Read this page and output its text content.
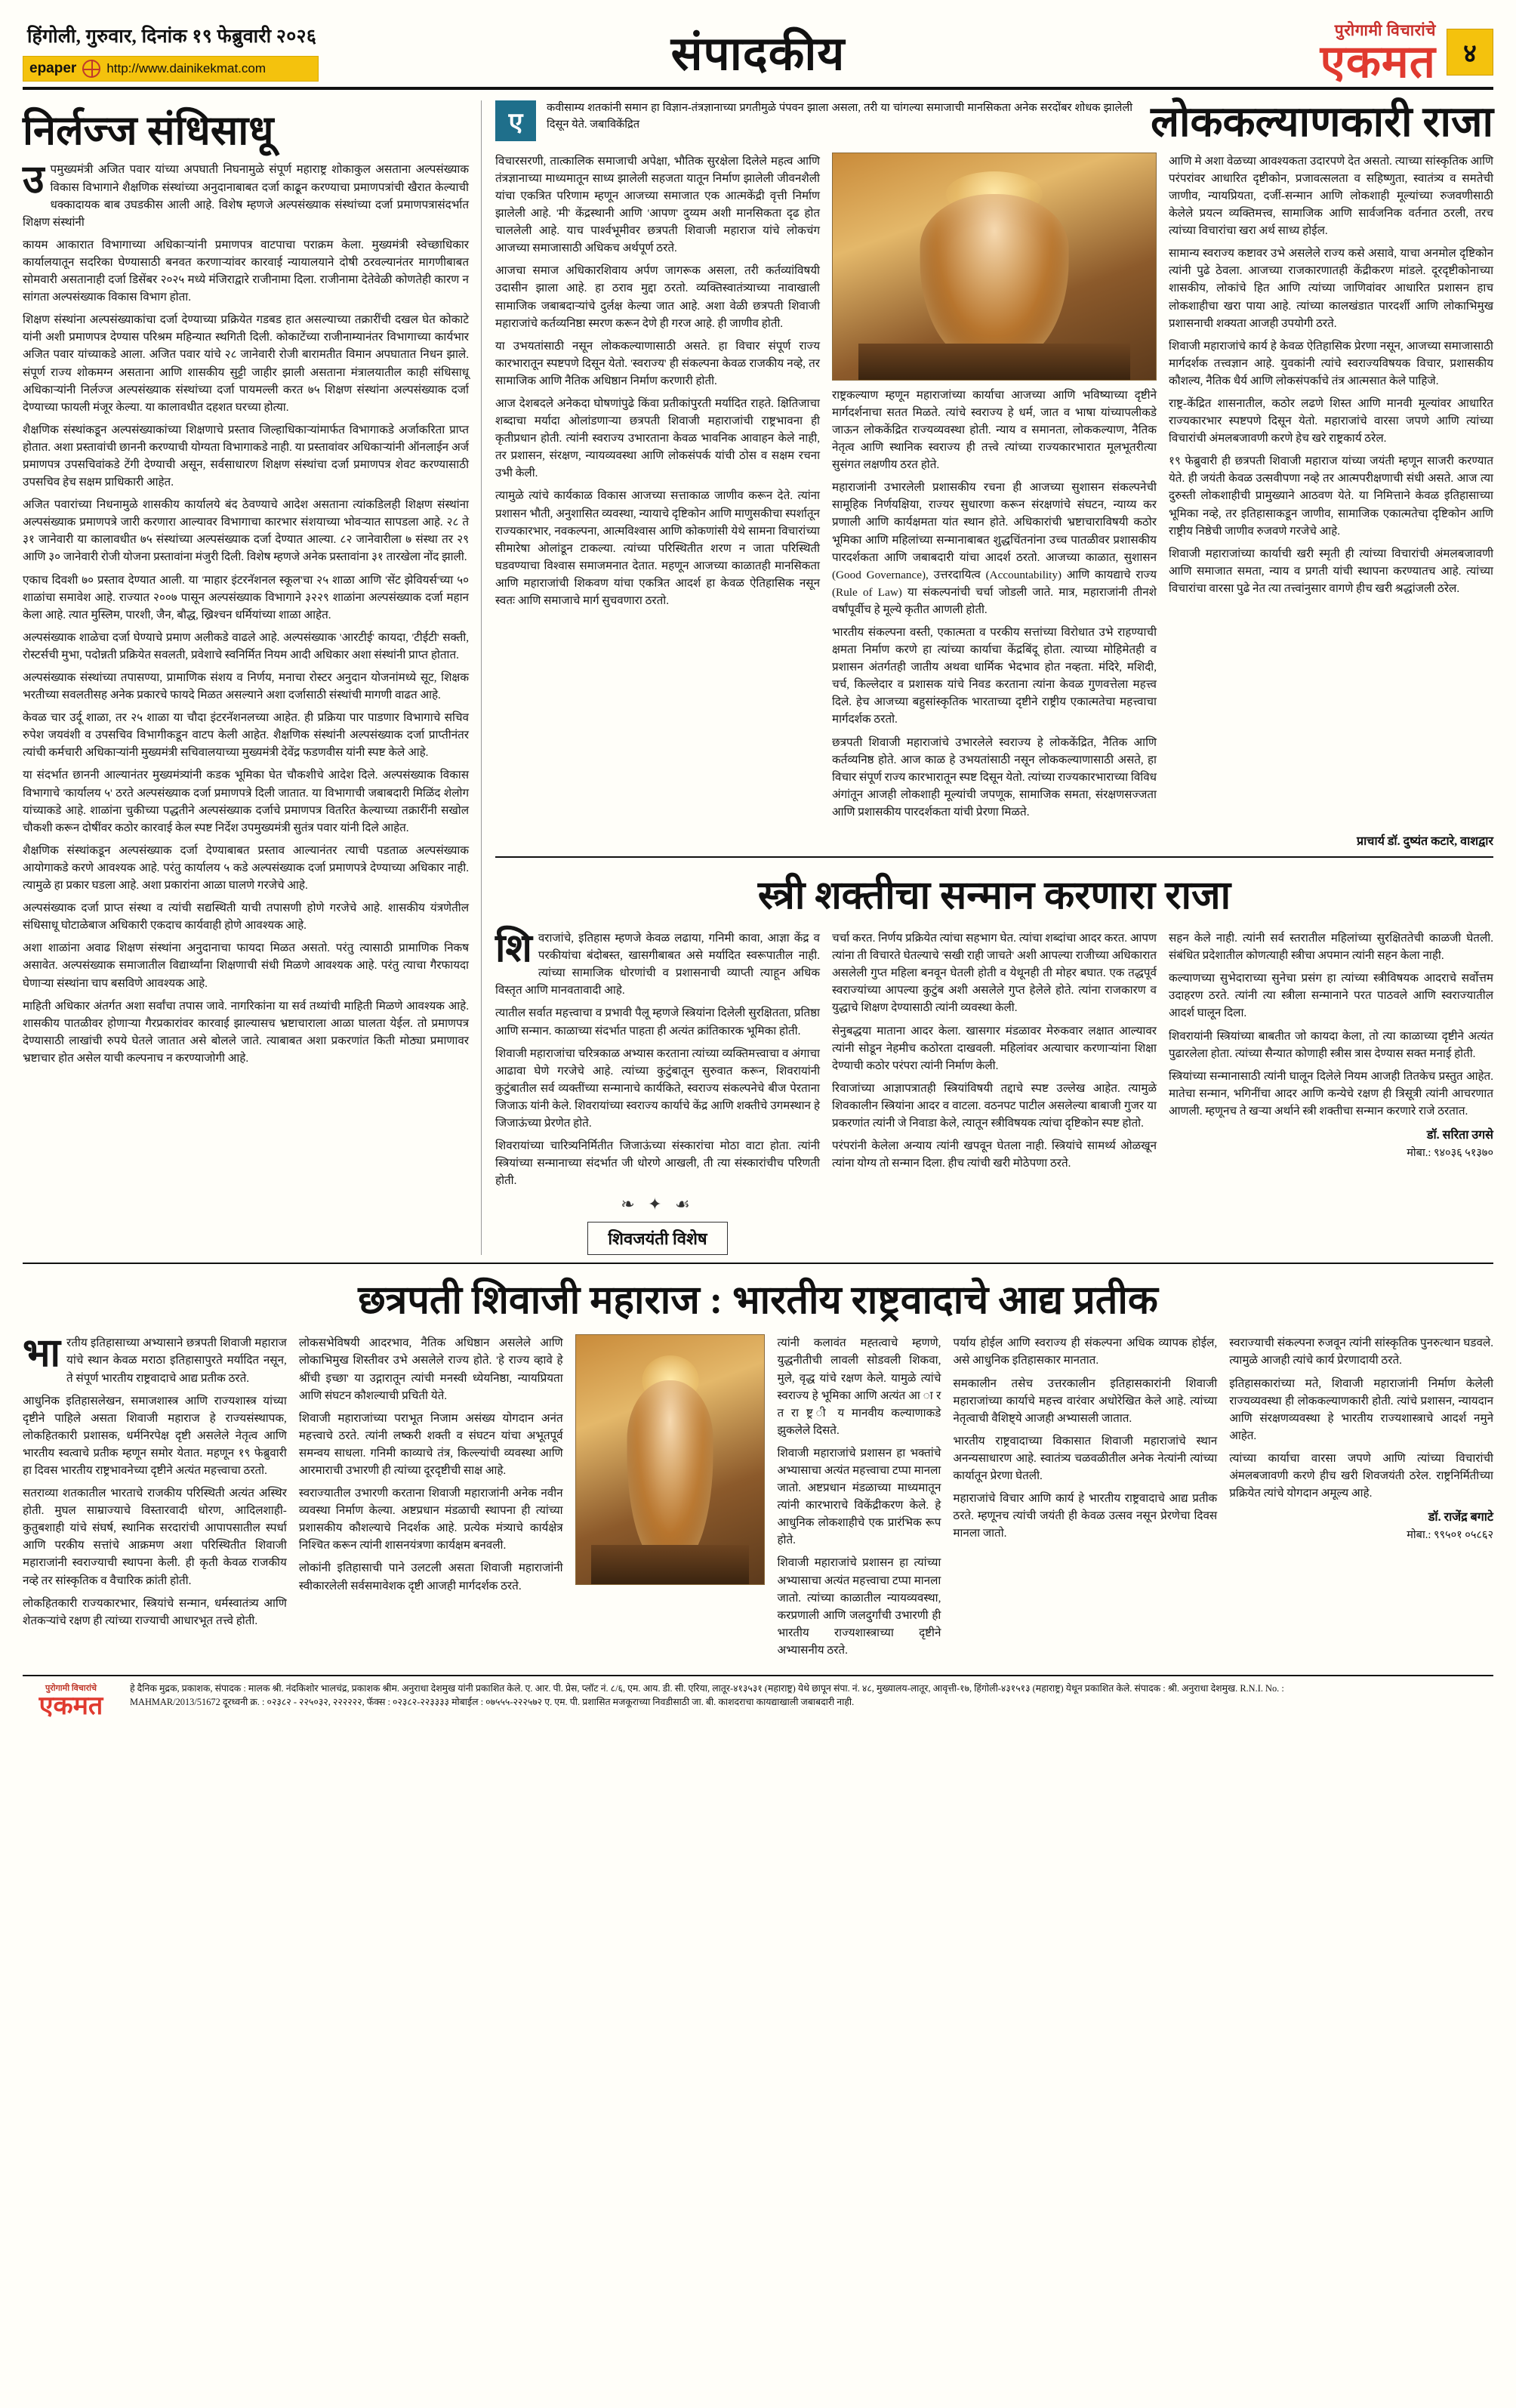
हिंगोली, गुरुवार, दिनांक १९ फेब्रुवारी २०२६
epaper http://www.dainikekmat.com	संपादकीय	पुरोगामी विचारांचे
एकमत	४
निर्लज्ज संधिसाधू

उपमुख्यमंत्री अजित पवार यांच्या अपघाती निघनामुळे संपूर्ण महाराष्ट्र शोकाकुल असताना अल्पसंख्याक विकास विभागाने शैक्षणिक संस्थांच्या अनुदानाबाबत दर्जा काढून करण्याचा प्रमाणपत्रांची खैरात केल्याची धक्कादायक बाब उघडकीस आली आहे. विशेष म्हणजे अल्पसंख्याक संस्थांच्या दर्जा प्रमाणपत्रासंदर्भात शिक्षण संस्थांनी

कायम आकारात विभागाच्या अधिकाऱ्यांनी प्रमाणपत्र वाटपाचा पराक्रम केला. मुख्यमंत्री स्वेच्छाधिकार कार्यालयातून सदरिका घेण्यासाठी बनवत करणाऱ्यांवर कारवाई न्यायालयाने दोषी ठरवल्यानंतर मागणीबाबत सोमवारी असतानाही दर्जा डिसेंबर २०२५ मध्ये मंजिराद्वारे राजीनामा दिला. राजीनामा देतेवेळी कोणतेही कारण न सांगता अल्पसंख्याक विकास विभाग होता.

शिक्षण संस्थांना अल्पसंख्याकांचा दर्जा देण्याच्या प्रक्रियेत गडबड हात असल्याच्या तक्रारींची दखल घेत कोकाटे यांनी अशी प्रमाणपत्र देण्यास परिश्रम महिन्यात स्थगिती दिली. कोकाटेंच्या राजीनाम्यानंतर विभागाच्या कार्यभार अजित पवार यांच्याकडे आला. अजित पवार यांचे २८ जानेवारी रोजी बारामतीत विमान अपघातात निधन झाले. संपूर्ण राज्य शोकमग्न असताना आणि शासकीय सुट्टी जाहीर झाली असताना मंत्रालयातील काही संधिसाधू अधिकाऱ्यांनी निर्लज्ज अल्पसंख्याक संस्थांच्या दर्जा पायमल्ली करत ७५ शिक्षण संस्थांना अल्पसंख्याक दर्जा देण्याच्या फायली मंजूर केल्या. या कालावधीत दहशत घरच्या होत्या.

शैक्षणिक संस्थांकडून अल्पसंख्याकांच्या शिक्षणाचे प्रस्ताव जिल्हाधिकाऱ्यांमार्फत विभागाकडे अर्जाकरिता प्राप्त होतात. अशा प्रस्तावांची छाननी करण्याची योग्यता विभागाकडे नाही. या प्रस्तावांवर अधिकाऱ्यांनी ऑनलाईन अर्ज प्रमाणपत्र उपसचिवांकडे टेंगी देण्याची असून, सर्वसाधारण शिक्षण संस्थांचा दर्जा प्रमाणपत्र शेवट करण्यासाठी उपसचिव हेच सक्षम प्राधिकारी आहेत.

अजित पवारांच्या निधनामुळे शासकीय कार्यालये बंद ठेवण्याचे आदेश असताना त्यांकडिलही शिक्षण संस्थांना अल्पसंख्याक प्रमाणपत्रे जारी करणारा आल्यावर विभागाचा कारभार संशयाच्या भोवऱ्यात सापडला आहे. २८ ते ३१ जानेवारी या कालावधीत ७५ संस्थांच्या अल्पसंख्याक दर्जा देण्यात आल्या. ८२ जानेवारीला ७ संस्था तर २९ आणि ३० जानेवारी रोजी योजना प्रस्तावांना मंजुरी दिली. विशेष म्हणजे अनेक प्रस्तावांना ३१ तारखेला नोंद झाली.

एकाच दिवशी ७० प्रस्ताव देण्यात आली. या 'माहार इंटरनॅशनल स्कूल'चा २५ शाळा आणि 'सेंट झेवियर्स'च्या ५० शाळांचा समावेश आहे. राज्यात २००७ पासून अल्पसंख्याक विभागाने ३२२९ शाळांना अल्पसंख्याक दर्जा महान केला आहे. त्यात मुस्लिम, पारशी, जैन, बौद्ध, ख्रिश्चन धर्मियांच्या शाळा आहेत.

अल्पसंख्याक शाळेचा दर्जा घेण्याचे प्रमाण अलीकडे वाढले आहे. अल्पसंख्याक 'आरटीई' कायदा, 'टीईटी' सक्ती, रोस्टर्सची मुभा, पदोन्नती प्रक्रियेत सवलती, प्रवेशाचे स्वनिर्मित नियम आदी अधिकार अशा संस्थांनी प्राप्त होतात.

अल्पसंख्याक संस्थांच्या तपासण्या, प्रामाणिक संशय व निर्णय, मनाचा रोस्टर अनुदान योजनांमध्ये सूट, शिक्षक भरतीच्या सवलतीसह अनेक प्रकारचे फायदे मिळत असल्याने अशा दर्जासाठी संस्थांची मागणी वाढत आहे.

केवळ चार उर्दू शाळा, तर २५ शाळा या चौदा इंटरनॅशनलच्या आहेत. ही प्रक्रिया पार पाडणार विभागाचे सचिव रुपेश जयवंशी व उपसचिव विभागीकडून वाटप केली आहेत. शैक्षणिक संस्थांनी अल्पसंख्याक दर्जा प्राप्तीनंतर त्यांची कर्मचारी अधिकाऱ्यांनी मुख्यमंत्री सचिवालयाच्या मुख्यमंत्री देवेंद्र फडणवीस यांनी स्पष्ट केले आहे.

या संदर्भात छाननी आल्यानंतर मुख्यमंत्र्यांनी कडक भूमिका घेत चौकशीचे आदेश दिले. अल्पसंख्याक विकास विभागाचे 'कार्यालय ५' ठरते अल्पसंख्याक दर्जा प्रमाणपत्रे दिली जातात. या विभागाची जबाबदारी मिळिंद शेलोग यांच्याकडे आहे. शाळांना चुकीच्या पद्धतीने अल्पसंख्याक दर्जाचे प्रमाणपत्र वितरित केल्याच्या तक्रारींनी सखोल चौकशी करून दोषींवर कठोर कारवाई केल स्पष्ट निर्देश उपमुख्यमंत्री सुतंत्र पवार यांनी दिले आहेत.

शैक्षणिक संस्थांकडून अल्पसंख्याक दर्जा देण्याबाबत प्रस्ताव आल्यानंतर त्याची पडताळ अल्पसंख्याक आयोगाकडे करणे आवश्यक आहे. परंतु कार्यालय ५ कडे अल्पसंख्याक दर्जा प्रमाणपत्रे देण्याच्या अधिकार नाही. त्यामुळे हा प्रकार घडला आहे. अशा प्रकारांना आळा घालणे गरजेचे आहे.

अल्पसंख्याक दर्जा प्राप्त संस्था व त्यांची सद्यस्थिती याची तपासणी होणे गरजेचे आहे. शासकीय यंत्रणेतील संधिसाधू घोटाळेबाज अधिकारी एकदाच कार्यवाही होणे आवश्यक आहे.

अशा शाळांना अवाढ शिक्षण संस्थांना अनुदानाचा फायदा मिळत असतो. परंतु त्यासाठी प्रामाणिक निकष असावेत. अल्पसंख्याक समाजातील विद्यार्थ्यांना शिक्षणाची संधी मिळणे आवश्यक आहे. परंतु त्याचा गैरफायदा घेणाऱ्या संस्थांना चाप बसविणे आवश्यक आहे.

माहिती अधिकार अंतर्गत अशा सर्वांचा तपास जावे. नागरिकांना या सर्व तथ्यांची माहिती मिळणे आवश्यक आहे. शासकीय पातळीवर होणाऱ्या गैरप्रकारांवर कारवाई झाल्यासच भ्रष्टाचाराला आळा घालता येईल. तो प्रमाणपत्र देण्यासाठी लाखांची रुपये घेतले जातात असे बोलले जाते. त्याबाबत अशा प्रकरणांत किती मोठ्या प्रमाणावर भ्रष्टाचार होत असेल याची कल्पनाच न करण्याजोगी आहे.

ए
कवीसाम्य शतकांनी समान हा विज्ञान-तंत्रज्ञानाच्या प्रगतीमुळे पंपवन झाला असला, तरी या चांगल्या समाजाची मानसिकता अनेक सरदोंबर शोधक झालेली दिसून येते. जबाविकेंद्रित	लोककल्याणकारी राजा

विचारसरणी, तात्कालिक समाजाची अपेक्षा, भौतिक सुरक्षेला दिलेले महत्व आणि तंत्रज्ञानाच्या माध्यमातून साध्य झालेली सहजता यातून निर्माण झालेली जीवनशैली यांचा एकत्रित परिणाम म्हणून आजच्या समाजात एक आत्मकेंद्री वृत्ती निर्माण झालेली आहे. 'मी' केंद्रस्थानी आणि 'आपण' दुय्यम अशी मानसिकता दृढ होत चाललेली आहे. याच पार्श्वभूमीवर छत्रपती शिवाजी महाराज यांचे लोकचंग आजच्या समाजासाठी अधिकच अर्थपूर्ण ठरते.

आजचा समाज अधिकारशिवाय अर्पण जागरूक असला, तरी कर्तव्यांविषयी उदासीन झाला आहे. हा ठराव मुद्दा ठरतो. व्यक्तिस्वातंत्र्याच्या नावाखाली सामाजिक जबाबदाऱ्यांचे दुर्लक्ष केल्या जात आहे. अशा वेळी छत्रपती शिवाजी महाराजांचे कर्तव्यनिष्ठा स्मरण करून देणे ही गरज आहे. ही जाणीव होती.

या उभयतांसाठी नसून लोककल्याणासाठी असते. हा विचार संपूर्ण राज्य कारभारातून स्पष्टपणे दिसून येतो. 'स्वराज्य' ही संकल्पना केवळ राजकीय नव्हे, तर सामाजिक आणि नैतिक अधिष्ठान निर्माण करणारी होती.

आज देशबदले अनेकदा घोषणांपुढे किंवा प्रतीकांपुरती मर्यादित राहते. क्षितिजाचा शब्दाचा मर्यादा ओलांडणाऱ्या छत्रपती शिवाजी महाराजांची राष्ट्रभावना ही कृतीप्रधान होती. त्यांनी स्वराज्य उभारताना केवळ भावनिक आवाहन केले नाही, तर प्रशासन, संरक्षण, न्यायव्यवस्था आणि लोकसंपर्क यांची ठोस व सक्षम रचना उभी केली.

त्यामुळे त्यांचे कार्यकाळ विकास आजच्या सत्ताकाळ जाणीव करून देते. त्यांना प्रशासन भौती, अनुशासित व्यवस्था, न्यायाचे दृष्टिकोन आणि माणुसकीचा स्पर्शातून राज्यकारभार, नवकल्पना, आत्मविश्वास आणि कोकणांसी येथे सामना विचारांच्या सीमारेषा ओलांडून टाकल्या. त्यांच्या परिस्थितीत शरण न जाता परिस्थिती घडवण्याचा विश्वास समाजमनात देतात. महणून आजच्या काळातही मानसिकता आणि महाराजांची शिकवण यांचा एकत्रित आदर्श हा केवळ ऐतिहासिक नसून स्वतः आणि समाजाचे मार्ग सुचवणारा ठरतो.

राष्ट्रकल्याण म्हणून महाराजांच्या कार्याचा आजच्या आणि भविष्याच्या दृष्टीने मार्गदर्शनाचा सतत मिळते. त्यांचे स्वराज्य हे धर्म, जात व भाषा यांच्यापलीकडे जाऊन लोककेंद्रित राज्यव्यवस्था होती. न्याय व समानता, लोककल्याण, नैतिक नेतृत्व आणि स्थानिक स्वराज्य ही तत्त्वे त्यांच्या राज्यकारभारात मूलभूतरीत्या सुसंगत लक्षणीय ठरत होते.

महाराजांनी उभारलेली प्रशासकीय रचना ही आजच्या सुशासन संकल्पनेची सामूहिक निर्णयक्षिया, राज्यर सुधारणा करून संरक्षणांचे संघटन, न्याय्य कर प्रणाली आणि कार्यक्षमता यांत स्थान होते. अधिकारांची भ्रष्टाचाराविषयी कठोर भूमिका आणि महिलांच्या सन्मानाबाबत शुद्धचिंतनांना उच्च पातळीवर प्रशासकीय पारदर्शकता आणि जबाबदारी यांचा आदर्श ठरतो. आजच्या काळात, सुशासन (Good Governance), उत्तरदायित्व (Accountability) आणि कायद्याचे राज्य (Rule of Law) या संकल्पनांची चर्चा जोडली जाते. मात्र, महाराजांनी तीनशे वर्षांपूर्वीच हे मूल्ये कृतीत आणली होती.

भारतीय संकल्पना वस्ती, एकात्मता व परकीय सत्तांच्या विरोधात उभे राहण्याची क्षमता निर्माण करणे हा त्यांच्या कार्याचा केंद्रबिंदू होता. त्याच्या मोहिमेतही व प्रशासन अंतर्गतही जातीय अथवा धार्मिक भेदभाव होत नव्हता. मंदिरे, मशिदी, चर्च, किल्लेदार व प्रशासक यांचे निवड करताना त्यांना केवळ गुणवत्तेला महत्त्व दिले. हेच आजच्या बहुसांस्कृतिक भारताच्या दृष्टीने राष्ट्रीय एकात्मतेचा महत्त्वाचा मार्गदर्शक ठरतो.

छत्रपती शिवाजी महाराजांचे उभारलेले स्वराज्य हे लोककेंद्रित, नैतिक आणि कर्तव्यनिष्ठ होते. आज काळ हे उभयतांसाठी नसून लोककल्याणासाठी असते, हा विचार संपूर्ण राज्य कारभारातून स्पष्ट दिसून येतो. त्यांच्या राज्यकारभाराच्या विविध अंगांतून आजही लोकशाही मूल्यांची जपणूक, सामाजिक समता, संरक्षणसज्जता आणि प्रशासकीय पारदर्शकता यांची प्रेरणा मिळते.

आणि मे अशा वेळच्या आवश्यकता उदारपणे देत असतो. त्याच्या सांस्कृतिक आणि परंपरांवर आधारित दृष्टीकोन, प्रजावत्सलता व सहिष्णुता, स्वातंत्र्य व समतेची जाणीव, न्यायप्रियता, दर्जी-सन्मान आणि लोकशाही मूल्यांच्या रुजवणीसाठी केलेले प्रयत्न व्यक्तिमत्त्व, सामाजिक आणि सार्वजनिक वर्तनात ठरली, तरच त्यांच्या विचारांचा खरा अर्थ साध्य होईल.

सामान्य स्वराज्य कष्टावर उभे असलेले राज्य कसे असावे, याचा अनमोल दृष्टिकोन त्यांनी पुढे ठेवला. आजच्या राजकारणातही केंद्रीकरण मांडले. दूरदृष्टीकोनाच्या शासकीय, लोकांचे हित आणि त्यांच्या जाणिवांवर आधारित प्रशासन हाच लोकशाहीचा खरा पाया आहे. त्यांच्या कालखंडात पारदर्शी आणि लोकाभिमुख प्रशासनाची शक्यता आजही उपयोगी ठरते.

शिवाजी महाराजांचे कार्य हे केवळ ऐतिहासिक प्रेरणा नसून, आजच्या समाजासाठी मार्गदर्शक तत्त्वज्ञान आहे. युवकांनी त्यांचे स्वराज्यविषयक विचार, प्रशासकीय कौशल्य, नैतिक धैर्य आणि लोकसंपर्काचे तंत्र आत्मसात केले पाहिजे.

राष्ट्र-केंद्रित शासनातील, कठोर लढणे शिस्त आणि मानवी मूल्यांवर आधारित राज्यकारभार स्पष्टपणे दिसून येतो. महाराजांचे वारसा जपणे आणि त्यांच्या विचारांची अंमलबजावणी करणे हेच खरे राष्ट्रकार्य ठरेल.

१९ फेब्रुवारी ही छत्रपती शिवाजी महाराज यांच्या जयंती म्हणून साजरी करण्यात येते. ही जयंती केवळ उत्सवीपणा नव्हे तर आत्मपरीक्षणाची संधी असते. आज त्या दुरुस्ती लोकशाहीची प्रामुख्याने आठवण येते. या निमित्ताने केवळ इतिहासाच्या भूमिका नव्हे, तर इतिहासाकडून जाणीव, सामाजिक एकात्मतेचा दृष्टिकोन आणि राष्ट्रीय निष्ठेची जाणीव रुजवणे गरजेचे आहे.

शिवाजी महाराजांच्या कार्याची खरी स्मृती ही त्यांच्या विचारांची अंमलबजावणी आणि समाजात समता, न्याय व प्रगती यांची स्थापना करण्यातच आहे. त्यांच्या विचारांचा वारसा पुढे नेत त्या तत्त्वांनुसार वागणे हीच खरी श्रद्धांजली ठरेल.

प्राचार्य डॉ. दुष्यंत कटारे, वाशद्वार
स्त्री शक्तीचा सन्मान करणारा राजा

शिवराजांचे, इतिहास म्हणजे केवळ लढाया, गनिमी कावा, आज्ञा केंद्र व परकीयांचा बंदोबस्त, खासगीबाबत असे मर्यादित स्वरूपातील नाही. त्यांच्या सामाजिक धोरणांची व प्रशासनाची व्याप्ती त्याहून अधिक विस्तृत आणि मानवतावादी आहे.

त्यातील सर्वात महत्त्वाचा व प्रभावी पैलू म्हणजे स्त्रियांना दिलेली सुरक्षितता, प्रतिष्ठा आणि सन्मान. काळाच्या संदर्भात पाहता ही अत्यंत क्रांतिकारक भूमिका होती.

शिवाजी महाराजांचा चरित्रकाळ अभ्यास करताना त्यांच्या व्यक्तिमत्त्वाचा व अंगाचा आढावा घेणे गरजेचे आहे. त्यांच्या कुटुंबातून सुरुवात करून, शिवरायांनी कुटुंबातील सर्व व्यक्तींच्या सन्मानाचे कार्यकिते, स्वराज्य संकल्पनेचे बीज पेरताना जिजाऊ यांनी केले. शिवरायांच्या स्वराज्य कार्याचे केंद्र आणि शक्तीचे उगमस्थान हे जिजाऊंच्या प्रेरणेत होते.

शिवरायांच्या चारित्र्यनिर्मितीत जिजाऊंच्या संस्कारांचा मोठा वाटा होता. त्यांनी स्त्रियांच्या सन्मानाच्या संदर्भात जी धोरणे आखली, ती त्या संस्कारांचीच परिणती होती.

❧ ✦ ☙
शिवजयंती विशेष

चर्चा करत. निर्णय प्रक्रियेत त्यांचा सहभाग घेत. त्यांचा शब्दांचा आदर करत. आपण त्यांना ती विचारते घेतल्याचे 'सखी राही जाचते' अशी आपल्या राजीच्या अधिकारात असलेली गुप्त महिला बनवून घेतली होती व येथूनही ती मोहर बघात. एक तद्धपूर्व स्वराज्यांच्या आपल्या कुटुंब अशी असलेले गुप्त हेलेले होते. त्यांना राजकारण व युद्धाचे शिक्षण देण्यासाठी त्यांनी व्यवस्था केली.

सेनुबद्धया माताना आदर केला. खासगार मंडळावर मेरुकवार लक्षात आल्यावर त्यांनी सोडून नेहमीच कठोरता दाखवली. महिलांवर अत्याचार करणाऱ्यांना शिक्षा देण्याची कठोर परंपरा त्यांनी निर्माण केली.

रिवाजांच्या आज्ञापत्रातही स्त्रियांविषयी तद्दाचे स्पष्ट उल्लेख आहेत. त्यामुळे शिवकालीन स्त्रियांना आदर व वाटला. वठनपट पाटील असलेल्या बाबाजी गुजर या प्रकरणांत त्यांनी जे निवाडा केले, त्यातून स्त्रीविषयक त्यांचा दृष्टिकोन स्पष्ट होतो.

परंपरांनी केलेला अन्याय त्यांनी खपवून घेतला नाही. स्त्रियांचे सामर्थ्य ओळखून त्यांना योग्य तो सन्मान दिला. हीच त्यांची खरी मोठेपणा ठरते.

सहन केले नाही. त्यांनी सर्व स्तरातील महिलांच्या सुरक्षिततेची काळजी घेतली. संबंधित प्रदेशातील कोणत्याही स्त्रीचा अपमान त्यांनी सहन केला नाही.

कल्याणच्या सुभेदाराच्या सुनेचा प्रसंग हा त्यांच्या स्त्रीविषयक आदराचे सर्वोत्तम उदाहरण ठरते. त्यांनी त्या स्त्रीला सन्मानाने परत पाठवले आणि स्वराज्यातील आदर्श घालून दिला.

शिवरायांनी स्त्रियांच्या बाबतीत जो कायदा केला, तो त्या काळाच्या दृष्टीने अत्यंत पुढारलेला होता. त्यांच्या सैन्यात कोणाही स्त्रीस त्रास देण्यास सक्त मनाई होती.

स्त्रियांच्या सन्मानासाठी त्यांनी घालून दिलेले नियम आजही तितकेच प्रस्तुत आहेत. मातेचा सन्मान, भगिनींचा आदर आणि कन्येचे रक्षण ही त्रिसूत्री त्यांनी आचरणात आणली. म्हणूनच ते खऱ्या अर्थाने स्त्री शक्तीचा सन्मान करणारे राजे ठरतात.

डॉ. सरिता उगसे
मोबा.: ९४०३६ ५१३७०
छत्रपती शिवाजी महाराज : भारतीय राष्ट्रवादाचे आद्य प्रतीक

भारतीय इतिहासाच्या अभ्यासाने छत्रपती शिवाजी महाराज यांचे स्थान केवळ मराठा इतिहासापुरते मर्यादित नसून, ते संपूर्ण भारतीय राष्ट्रवादाचे आद्य प्रतीक ठरते.

आधुनिक इतिहासलेखन, समाजशास्त्र आणि राज्यशास्त्र यांच्या दृष्टीने पाहिले असता शिवाजी महाराज हे राज्यसंस्थापक, लोकहितकारी प्रशासक, धर्मनिरपेक्ष दृष्टी असलेले नेतृत्व आणि भारतीय स्वत्वाचे प्रतीक म्हणून समोर येतात. महणून १९ फेब्रुवारी हा दिवस भारतीय राष्ट्रभावनेच्या दृष्टीने अत्यंत महत्त्वाचा ठरतो.

सतराव्या शतकातील भारताचे राजकीय परिस्थिती अत्यंत अस्थिर होती. मुघल साम्राज्याचे विस्तारवादी धोरण, आदिलशाही-कुतुबशाही यांचे संघर्ष, स्थानिक सरदारांची आपापसातील स्पर्धा आणि परकीय सत्तांचे आक्रमण अशा परिस्थितीत शिवाजी महाराजांनी स्वराज्याची स्थापना केली. ही कृती केवळ राजकीय नव्हे तर सांस्कृतिक व वैचारिक क्रांती होती.

लोकहितकारी राज्यकारभार, स्त्रियांचे सन्मान, धर्मस्वातंत्र्य आणि शेतकऱ्यांचे रक्षण ही त्यांच्या राज्याची आधारभूत तत्त्वे होती.

लोकसभेविषयी आदरभाव, नैतिक अधिष्ठान असलेले आणि लोकाभिमुख शिस्तीवर उभे असलेले राज्य होते. 'हे राज्य व्हावे हे श्रींची इच्छा' या उद्गारातून त्यांची मनस्वी ध्येयनिष्ठा, न्यायप्रियता आणि संघटन कौशल्याची प्रचिती येते.

शिवाजी महाराजांच्या पराभूत निजाम असंख्य योगदान अनंत महत्त्वाचे ठरते. त्यांनी लष्करी शक्ती व संघटन यांचा अभूतपूर्व समन्वय साधला. गनिमी काव्याचे तंत्र, किल्ल्यांची व्यवस्था आणि आरमाराची उभारणी ही त्यांच्या दूरदृष्टीची साक्ष आहे.

स्वराज्यातील उभारणी करताना शिवाजी महाराजांनी अनेक नवीन व्यवस्था निर्माण केल्या. अष्टप्रधान मंडळाची स्थापना ही त्यांच्या प्रशासकीय कौशल्याचे निदर्शक आहे. प्रत्येक मंत्र्याचे कार्यक्षेत्र निश्चित करून त्यांनी शासनयंत्रणा कार्यक्षम बनवली.

लोकांनी इतिहासाची पाने उलटली असता शिवाजी महाराजांनी स्वीकारलेली सर्वसमावेशक दृष्टी आजही मार्गदर्शक ठरते.

त्यांनी कलावंत मह्तत्वाचे म्हणणे, युद्धनीतीची लावली सोडवली शिकवा, मुले, वृद्ध यांचे रक्षण केले. यामुळे त्यांचे स्वराज्य हे भूमिका आणि अत्यंत आ ा र त रा ष्ट्र ी य मानवीय कल्याणाकडे झुकलेले दिसते.

शिवाजी महाराजांचे प्रशासन हा भक्तांचे अभ्यासाचा अत्यंत महत्त्वाचा टप्पा मानला जातो. अष्टप्रधान मंडळाच्या माध्यमातून त्यांनी कारभाराचे विकेंद्रीकरण केले. हे आधुनिक लोकशाहीचे एक प्रारंभिक रूप होते.

शिवाजी महाराजांचे प्रशासन हा त्यांच्या अभ्यासाचा अत्यंत महत्त्वाचा टप्पा मानला जातो. त्यांच्या काळातील न्यायव्यवस्था, करप्रणाली आणि जलदुर्गांची उभारणी ही भारतीय राज्यशास्त्राच्या दृष्टीने अभ्यासनीय ठरते.

पर्याय होईल आणि स्वराज्य ही संकल्पना अधिक व्यापक होईल, असे आधुनिक इतिहासकार मानतात.

समकालीन तसेच उत्तरकालीन इतिहासकारांनी शिवाजी महाराजांच्या कार्याचे महत्त्व वारंवार अधोरेखित केले आहे. त्यांच्या नेतृत्वाची वैशिष्ट्ये आजही अभ्यासली जातात.

भारतीय राष्ट्रवादाच्या विकासात शिवाजी महाराजांचे स्थान अनन्यसाधारण आहे. स्वातंत्र्य चळवळीतील अनेक नेत्यांनी त्यांच्या कार्यातून प्रेरणा घेतली.

महाराजांचे विचार आणि कार्य हे भारतीय राष्ट्रवादाचे आद्य प्रतीक ठरते. म्हणूनच त्यांची जयंती ही केवळ उत्सव नसून प्रेरणेचा दिवस मानला जातो.

स्वराज्याची संकल्पना रुजवून त्यांनी सांस्कृतिक पुनरुत्थान घडवले. त्यामुळे आजही त्यांचे कार्य प्रेरणादायी ठरते.

इतिहासकारांच्या मते, शिवाजी महाराजांनी निर्माण केलेली राज्यव्यवस्था ही लोककल्याणकारी होती. त्यांचे प्रशासन, न्यायदान आणि संरक्षणव्यवस्था हे भारतीय राज्यशास्त्राचे आदर्श नमुने आहेत.

त्यांच्या कार्याचा वारसा जपणे आणि त्यांच्या विचारांची अंमलबजावणी करणे हीच खरी शिवजयंती ठरेल. राष्ट्रनिर्मितीच्या प्रक्रियेत त्यांचे योगदान अमूल्य आहे.

डॉ. राजेंद्र बगाटे
मोबा.: ९९५०१ ०५८६२
पुरोगामी विचारांचे
एकमत
हे दैनिक मुद्रक, प्रकाशक, संपादक : मालक श्री. नंदकिशोर भालचंद्र, प्रकाशक श्रीम. अनुराधा देशमुख यांनी प्रकाशित केले. ए. आर. पी. प्रेस, प्लॉट नं. ८/६, एम. आय. डी. सी. एरिया, लातूर-४१३५३१ (महाराष्ट्र) येथे छापून संपा. नं. ४८, मुख्यालय-लातूर, आवृत्ती-१७, हिंगोली-४३१५१३ (महाराष्ट्र) येथून प्रकाशित केले. संपादक : श्री. अनुराधा देशमुख. R.N.I. No. :
MAHMAR/2013/51672 दूरध्वनी क्र. : ०२३८२ - २२५०३२, २२२२२२, फॅक्स : ०२३८२-२२३३३३ मोबाईल : ०७५५५-२२२५७२ ए. एम. पी. प्रशासित मजकूराच्या निवडीसाठी जा. बी. काशदराचा कायद्याखाली जबाबदारी नाही.
